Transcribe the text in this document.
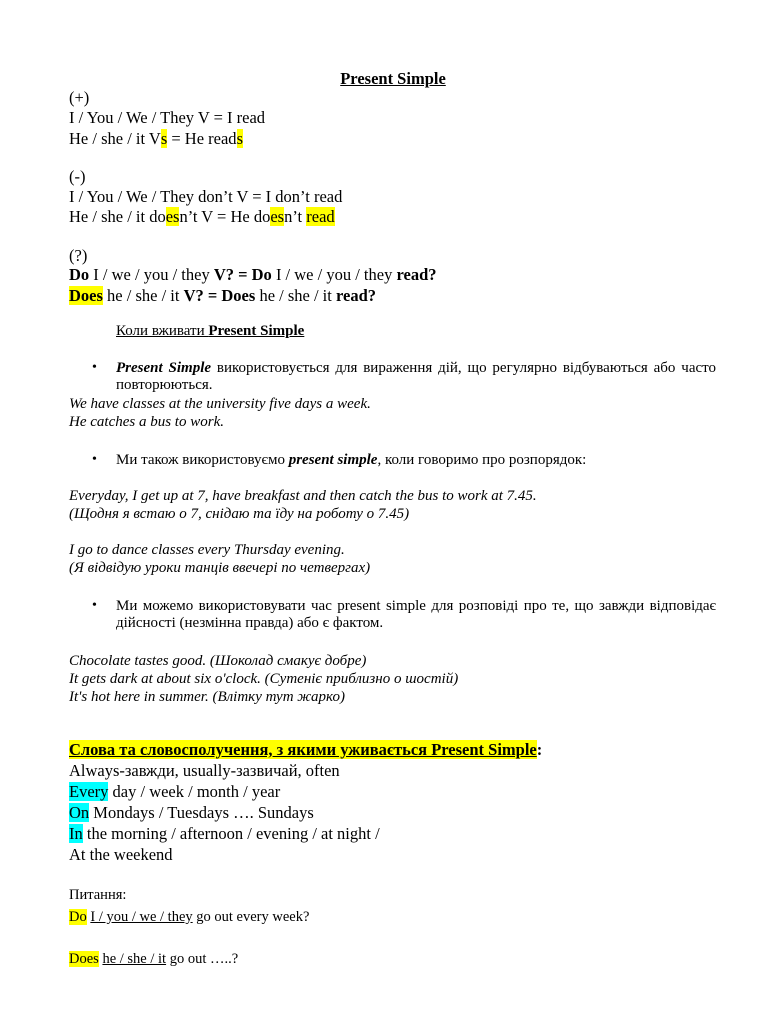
Present Simple
(+)
I / You / We / They V = I read
He / she / it Vs = He reads
(-)
I / You / We / They don’t V = I don’t read
He / she / it doesn’t V = He doesn’t read
(?)
Do I / we / you / they V? = Do I / we / you / they read?
Does he / she / it V? = Does he / she / it read?
Коли вживати Present Simple
• Present Simple використовується для вираження дій, що регулярно відбуваються або часто повторюються.
We have classes at the university five days a week.
He catches a bus to work.
• Ми також використовуємо present simple, коли говоримо про розпорядок:
Everyday, I get up at 7, have breakfast and then catch the bus to work at 7.45.
(Щодня я встаю о 7, снідаю та їду на роботу о 7.45)
I go to dance classes every Thursday evening.
(Я відвідую уроки танців ввечері по четвергах)
• Ми можемо використовувати час present simple для розповіді про те, що завжди відповідає дійсності (незмінна правда) або є фактом.
Chocolate tastes good. (Шоколад смакує добре)
It gets dark at about six o'clock. (Сутеніє приблизно о шостій)
It's hot here in summer. (Влітку тут жарко)
Слова та словосполучення, з якими уживається Present Simple:
Always-завжди, usually-зазвичай, often
Every day / week / month / year
On Mondays / Tuesdays …. Sundays
In the morning / afternoon / evening / at night /
At the weekend
Питання:
Do I / you / we / they go out every week?
Does he / she / it go out …..?
